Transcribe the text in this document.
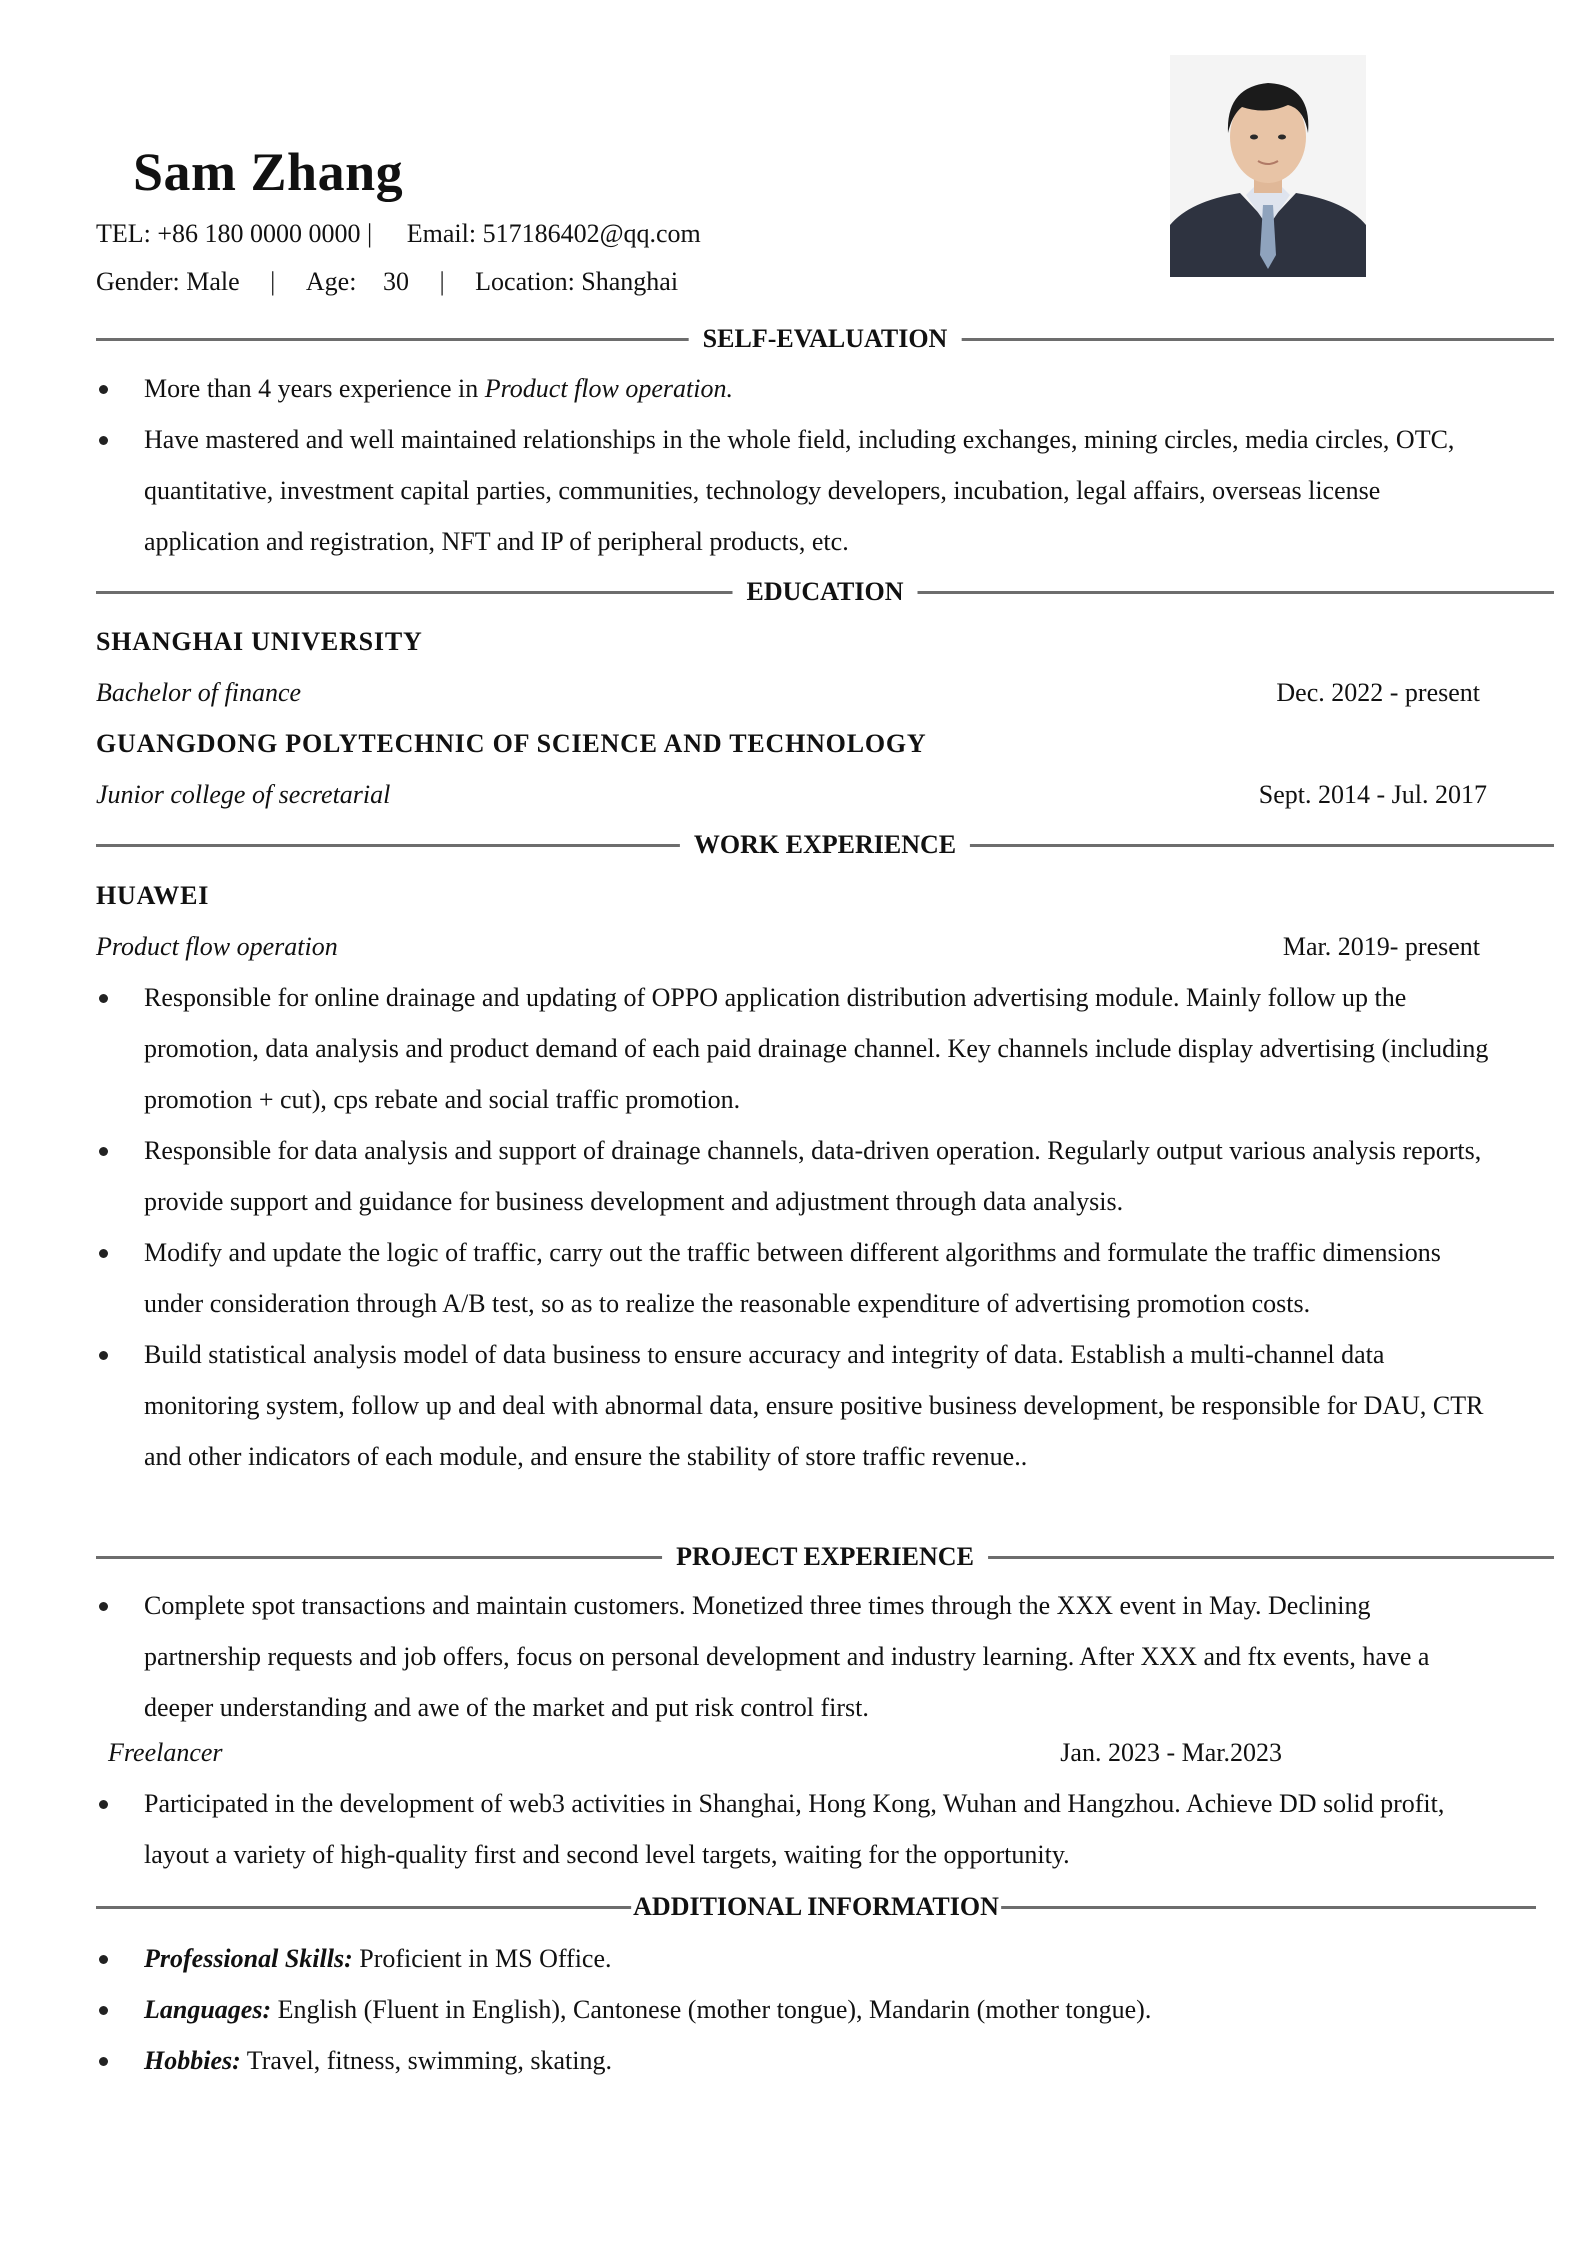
Sam Zhang
TEL: +86 180 0000 0000 | Email: 517186402@qq.com
Gender: Male | Age: 30 | Location: Shanghai
SELF-EVALUATION
More than 4 years experience in Product flow operation.
Have mastered and well maintained relationships in the whole field, including exchanges, mining circles, media circles, OTC, quantitative, investment capital parties, communities, technology developers, incubation, legal affairs, overseas license application and registration, NFT and IP of peripheral products, etc.
EDUCATION
SHANGHAI UNIVERSITY
Bachelor of finance	Dec. 2022 - present
GUANGDONG POLYTECHNIC OF SCIENCE AND TECHNOLOGY
Junior college of secretarial	Sept. 2014 - Jul. 2017
WORK EXPERIENCE
HUAWEI
Product flow operation	Mar. 2019- present
Responsible for online drainage and updating of OPPO application distribution advertising module. Mainly follow up the promotion, data analysis and product demand of each paid drainage channel. Key channels include display advertising (including promotion + cut), cps rebate and social traffic promotion.
Responsible for data analysis and support of drainage channels, data-driven operation. Regularly output various analysis reports, provide support and guidance for business development and adjustment through data analysis.
Modify and update the logic of traffic, carry out the traffic between different algorithms and formulate the traffic dimensions under consideration through A/B test, so as to realize the reasonable expenditure of advertising promotion costs.
Build statistical analysis model of data business to ensure accuracy and integrity of data. Establish a multi-channel data monitoring system, follow up and deal with abnormal data, ensure positive business development, be responsible for DAU, CTR and other indicators of each module, and ensure the stability of store traffic revenue..
PROJECT EXPERIENCE
Complete spot transactions and maintain customers. Monetized three times through the XXX event in May. Declining partnership requests and job offers, focus on personal development and industry learning. After XXX and ftx events, have a deeper understanding and awe of the market and put risk control first.
Freelancer	Jan. 2023 - Mar.2023
Participated in the development of web3 activities in Shanghai, Hong Kong, Wuhan and Hangzhou. Achieve DD solid profit, layout a variety of high-quality first and second level targets, waiting for the opportunity.
ADDITIONAL INFORMATION
Professional Skills: Proficient in MS Office.
Languages: English (Fluent in English), Cantonese (mother tongue), Mandarin (mother tongue).
Hobbies: Travel, fitness, swimming, skating.
